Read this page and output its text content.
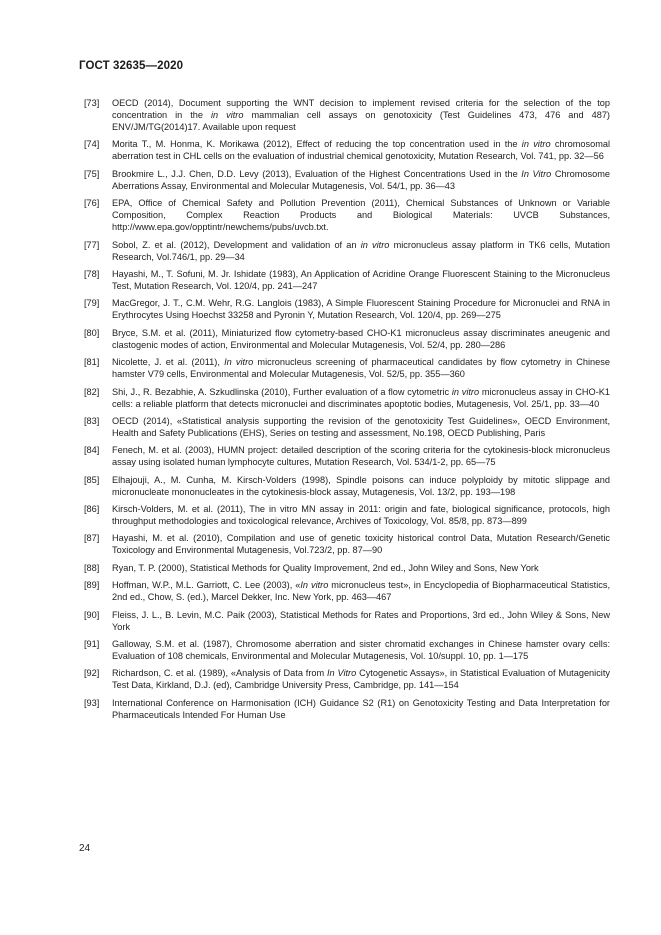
ГОСТ 32635—2020
[73] OECD (2014), Document supporting the WNT decision to implement revised criteria for the selection of the top concentration in the in vitro mammalian cell assays on genotoxicity (Test Guidelines 473, 476 and 487) ENV/JM/TG(2014)17. Available upon request
[74] Morita T., M. Honma, K. Morikawa (2012), Effect of reducing the top concentration used in the in vitro chromosomal aberration test in CHL cells on the evaluation of industrial chemical genotoxicity, Mutation Research, Vol. 741, pp. 32—56
[75] Brookmire L., J.J. Chen, D.D. Levy (2013), Evaluation of the Highest Concentrations Used in the In Vitro Chromosome Aberrations Assay, Environmental and Molecular Mutagenesis, Vol. 54/1, pp. 36—43
[76] EPA, Office of Chemical Safety and Pollution Prevention (2011), Chemical Substances of Unknown or Variable Composition, Complex Reaction Products and Biological Materials: UVCB Substances, http://www.epa.gov/opptintr/newchems/pubs/uvcb.txt.
[77] Sobol, Z. et al. (2012), Development and validation of an in vitro micronucleus assay platform in TK6 cells, Mutation Research, Vol.746/1, pp. 29—34
[78] Hayashi, M., T. Sofuni, M. Jr. Ishidate (1983), An Application of Acridine Orange Fluorescent Staining to the Micronucleus Test, Mutation Research, Vol. 120/4, pp. 241—247
[79] MacGregor, J. T., C.M. Wehr, R.G. Langlois (1983), A Simple Fluorescent Staining Procedure for Micronuclei and RNA in Erythrocytes Using Hoechst 33258 and Pyronin Y, Mutation Research, Vol. 120/4, pp. 269—275
[80] Bryce, S.M. et al. (2011), Miniaturized flow cytometry-based CHO-K1 micronucleus assay discriminates aneugenic and clastogenic modes of action, Environmental and Molecular Mutagenesis, Vol. 52/4, pp. 280—286
[81] Nicolette, J. et al. (2011), In vitro micronucleus screening of pharmaceutical candidates by flow cytometry in Chinese hamster V79 cells, Environmental and Molecular Mutagenesis, Vol. 52/5, pp. 355—360
[82] Shi, J., R. Bezabhie, A. Szkudlinska (2010), Further evaluation of a flow cytometric in vitro micronucleus assay in CHO-K1 cells: a reliable platform that detects micronuclei and discriminates apoptotic bodies, Mutagenesis, Vol. 25/1, pp. 33—40
[83] OECD (2014), «Statistical analysis supporting the revision of the genotoxicity Test Guidelines», OECD Environment, Health and Safety Publications (EHS), Series on testing and assessment, No.198, OECD Publishing, Paris
[84] Fenech, M. et al. (2003), HUMN project: detailed description of the scoring criteria for the cytokinesis-block micronucleus assay using isolated human lymphocyte cultures, Mutation Research, Vol. 534/1-2, pp. 65—75
[85] Elhajouji, A., M. Cunha, M. Kirsch-Volders (1998), Spindle poisons can induce polyploidy by mitotic slippage and micronucleate mononucleates in the cytokinesis-block assay, Mutagenesis, Vol. 13/2, pp. 193—198
[86] Kirsch-Volders, M. et al. (2011), The in vitro MN assay in 2011: origin and fate, biological significance, protocols, high throughput methodologies and toxicological relevance, Archives of Toxicology, Vol. 85/8, pp. 873—899
[87] Hayashi, M. et al. (2010), Compilation and use of genetic toxicity historical control Data, Mutation Research/Genetic Toxicology and Environmental Mutagenesis, Vol.723/2, pp. 87—90
[88] Ryan, T. P. (2000), Statistical Methods for Quality Improvement, 2nd ed., John Wiley and Sons, New York
[89] Hoffman, W.P., M.L. Garriott, C. Lee (2003), «In vitro micronucleus test», in Encyclopedia of Biopharmaceutical Statistics, 2nd ed., Chow, S. (ed.), Marcel Dekker, Inc. New York, pp. 463—467
[90] Fleiss, J. L., B. Levin, M.C. Paik (2003), Statistical Methods for Rates and Proportions, 3rd ed., John Wiley & Sons, New York
[91] Galloway, S.M. et al. (1987), Chromosome aberration and sister chromatid exchanges in Chinese hamster ovary cells: Evaluation of 108 chemicals, Environmental and Molecular Mutagenesis, Vol. 10/suppl. 10, pp. 1—175
[92] Richardson, C. et al. (1989), «Analysis of Data from In Vitro Cytogenetic Assays», in Statistical Evaluation of Mutagenicity Test Data, Kirkland, D.J. (ed), Cambridge University Press, Cambridge, pp. 141—154
[93] International Conference on Harmonisation (ICH) Guidance S2 (R1) on Genotoxicity Testing and Data Interpretation for Pharmaceuticals Intended For Human Use
24
